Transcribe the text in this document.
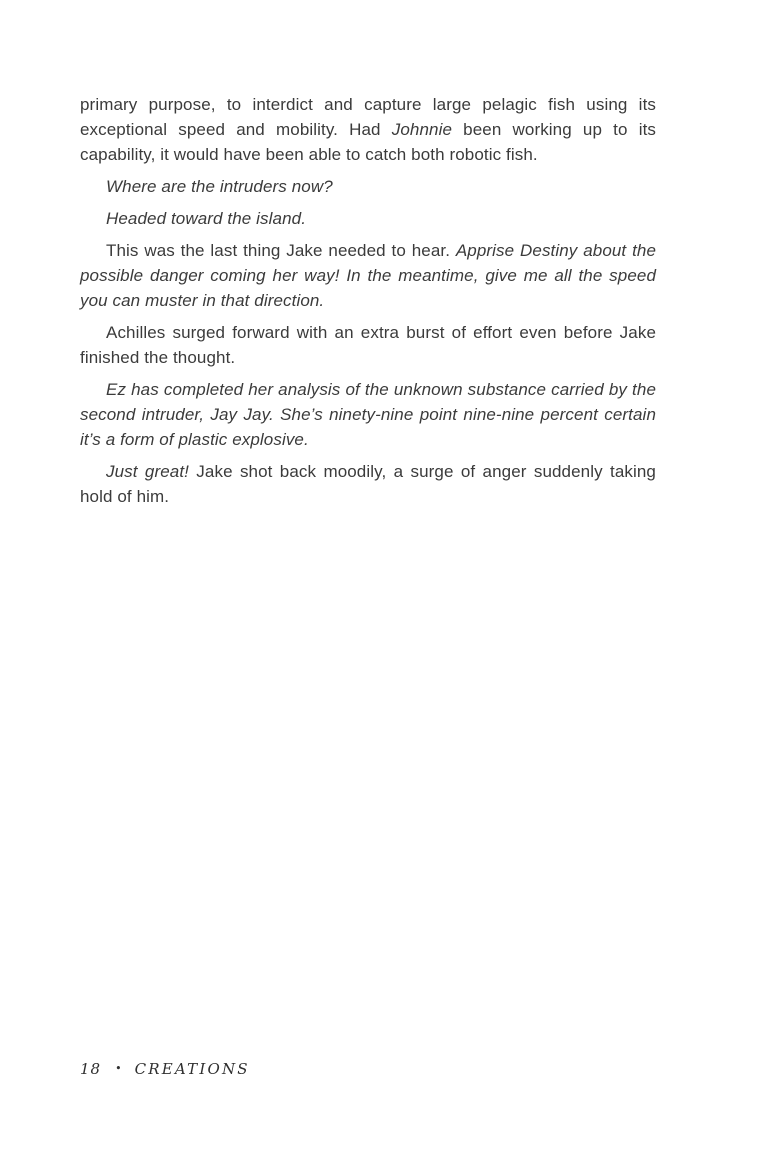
primary purpose, to interdict and capture large pelagic fish using its exceptional speed and mobility. Had Johnnie been working up to its capability, it would have been able to catch both robotic fish.

Where are the intruders now?

Headed toward the island.

This was the last thing Jake needed to hear. Apprise Destiny about the possible danger coming her way! In the meantime, give me all the speed you can muster in that direction.

Achilles surged forward with an extra burst of effort even before Jake finished the thought.

Ez has completed her analysis of the unknown substance carried by the second intruder, Jay Jay. She’s ninety-nine point nine-nine percent certain it’s a form of plastic explosive.

Just great! Jake shot back moodily, a surge of anger suddenly taking hold of him.

18 • CREATIONS
